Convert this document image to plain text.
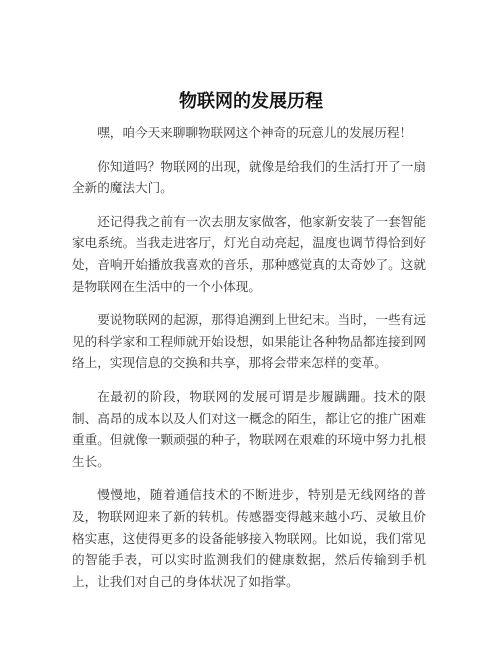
物联网的发展历程

嘿，咱今天来聊聊物联网这个神奇的玩意儿的发展历程！

你知道吗？物联网的出现，就像是给我们的生活打开了一扇全新的魔法大门。

还记得我之前有一次去朋友家做客，他家新安装了一套智能家电系统。当我走进客厅，灯光自动亮起，温度也调节得恰到好处，音响开始播放我喜欢的音乐，那种感觉真的太奇妙了。这就是物联网在生活中的一个小体现。

要说物联网的起源，那得追溯到上世纪末。当时，一些有远见的科学家和工程师就开始设想，如果能让各种物品都连接到网络上，实现信息的交换和共享，那将会带来怎样的变革。

在最初的阶段，物联网的发展可谓是步履蹒跚。技术的限制、高昂的成本以及人们对这一概念的陌生，都让它的推广困难重重。但就像一颗顽强的种子，物联网在艰难的环境中努力扎根生长。

慢慢地，随着通信技术的不断进步，特别是无线网络的普及，物联网迎来了新的转机。传感器变得越来越小巧、灵敏且价格实惠，这使得更多的设备能够接入物联网。比如说，我们常见的智能手表，可以实时监测我们的健康数据，然后传输到手机上，让我们对自己的身体状况了如指掌。
